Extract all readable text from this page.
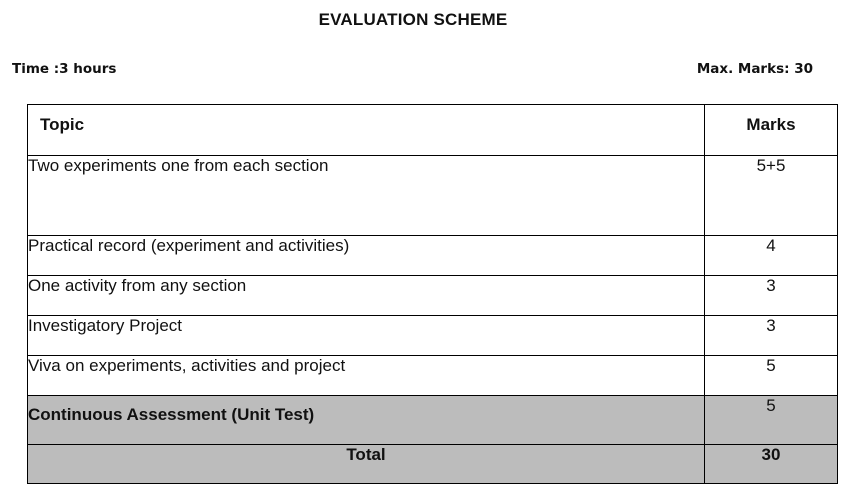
EVALUATION SCHEME
Time :3 hours	Max. Marks: 30
Topic	Marks
Two experiments one from each section	5+5
Practical record (experiment and activities)	4
One activity from any section	3
Investigatory Project	3
Viva on experiments, activities and project	5
Continuous Assessment (Unit Test)	5
Total	30
